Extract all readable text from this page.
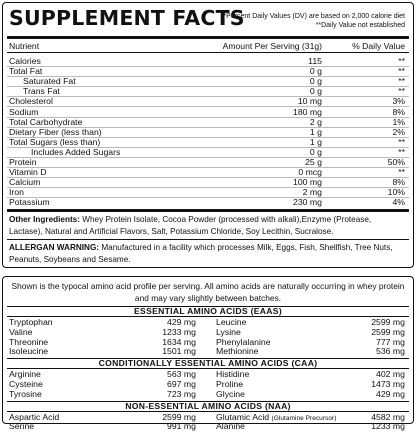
SUPPLEMENT FACTS
*Percent Daily Values (DV) are based on 2,000 calorie diet
**Daily Value not established
Nutrient	Amount Per Serving (31g)	% Daily Value
Calories	115	**
Total Fat	0 g	**
Saturated Fat	0 g	**
Trans Fat	0 g	**
Cholesterol	10 mg	3%
Sodium	180 mg	8%
Total Carbohydrate	2 g	1%
Dietary Fiber (less than)	1 g	2%
Total Sugars (less than)	1 g	**
Includes Added Sugars	0 g	**
Protein	25 g	50%
Vitamin D	0 mcg	**
Calcium	100 mg	8%
Iron	2 mg	10%
Potassium	230 mg	4%
Other Ingredients: Whey Protein Isolate, Cocoa Powder (processed with alkali),Enzyme (Protease, Lactase), Natural and Artificial Flavors, Salt, Potassium Chloride, Soy Lecithin, Sucralose.
ALLERGAN WARNING: Manufactured in a facility which processes Milk, Eggs, Fish, Shellfish, Tree Nuts, Peanuts, Soybeans and Sesame.
Shown is the typocal amino acid profile per serving. All amino acids are naturally occurring in whey protein and may vary slightly between batches.
ESSENTIAL AMINO ACIDS (EAAS)
Tryptophan	429 mg Leucine	2599 mg
Valine	1233 mg Lysine	2599 mg
Threonine	1634 mg Phenylalanine	777 mg
Isoleucine	1501 mg Methionine	536 mg
CONDITIONALLY ESSENTIAL AMINO ACIDS (CAA)
Arginine	563 mg Histidine	402 mg
Cysteine	697 mg Proline	1473 mg
Tyrosine	723 mg Glycine	429 mg
NON-ESSENTIAL AMINO ACIDS (NAA)
Aspartic Acid	2599 mg Glutamic Acid (Glutamine Precursor)	4582 mg
Serine	991 mg Alanine	1233 mg
